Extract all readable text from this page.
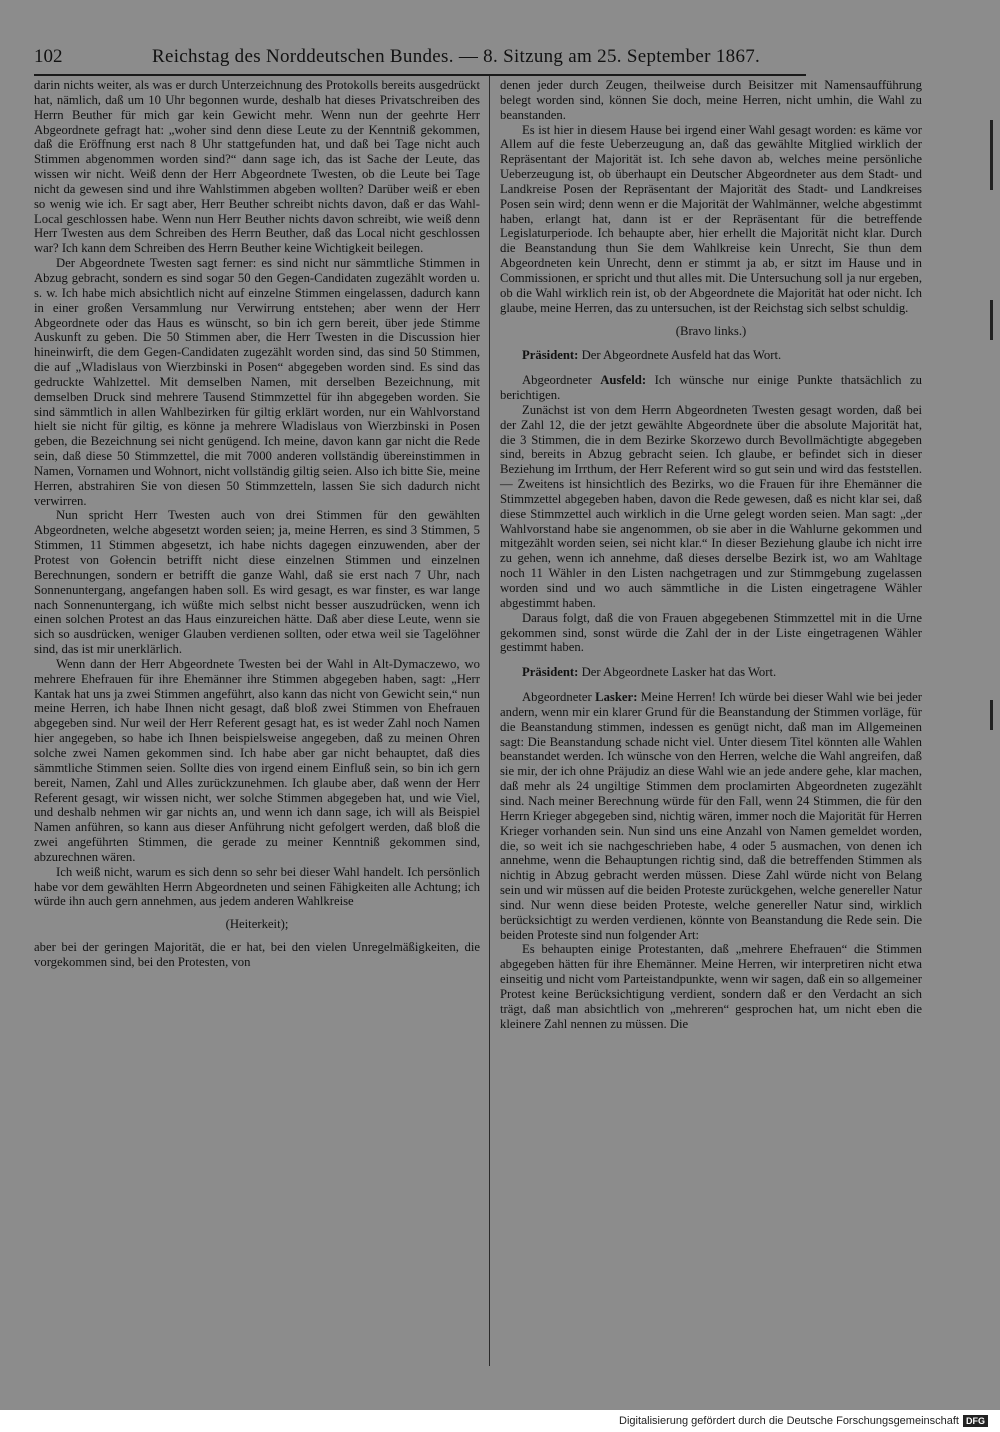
102	Reichstag des Norddeutschen Bundes. — 8. Sitzung am 25. September 1867.

darin nichts weiter, als was er durch Unterzeichnung des Protokolls bereits ausgedrückt hat, nämlich, daß um 10 Uhr begonnen wurde, deshalb hat dieses Privatschreiben des Herrn Beuther für mich gar kein Gewicht mehr. Wenn nun der geehrte Herr Abgeordnete gefragt hat: „woher sind denn diese Leute zu der Kenntniß gekommen, daß die Eröffnung erst nach 8 Uhr stattgefunden hat, und daß bei Tage nicht auch Stimmen abgenommen worden sind?“ dann sage ich, das ist Sache der Leute, das wissen wir nicht. Weiß denn der Herr Abgeordnete Twesten, ob die Leute bei Tage nicht da gewesen sind und ihre Wahlstimmen abgeben wollten? Darüber weiß er eben so wenig wie ich. Er sagt aber, Herr Beuther schreibt nichts davon, daß er das Wahl-Local geschlossen habe. Wenn nun Herr Beuther nichts davon schreibt, wie weiß denn Herr Twesten aus dem Schreiben des Herrn Beuther, daß das Local nicht geschlossen war? Ich kann dem Schreiben des Herrn Beuther keine Wichtigkeit beilegen.

Der Abgeordnete Twesten sagt ferner: es sind nicht nur sämmtliche Stimmen in Abzug gebracht, sondern es sind sogar 50 den Gegen-Candidaten zugezählt worden u. s. w. Ich habe mich absichtlich nicht auf einzelne Stimmen eingelassen, dadurch kann in einer großen Versammlung nur Verwirrung entstehen; aber wenn der Herr Abgeordnete oder das Haus es wünscht, so bin ich gern bereit, über jede Stimme Auskunft zu geben. Die 50 Stimmen aber, die Herr Twesten in die Discussion hier hineinwirft, die dem Gegen-Candidaten zugezählt worden sind, das sind 50 Stimmen, die auf „Wladislaus von Wierzbinski in Posen“ abgegeben worden sind. Es sind das gedruckte Wahlzettel. Mit demselben Namen, mit derselben Bezeichnung, mit demselben Druck sind mehrere Tausend Stimmzettel für ihn abgegeben worden. Sie sind sämmtlich in allen Wahlbezirken für giltig erklärt worden, nur ein Wahlvorstand hielt sie nicht für giltig, es könne ja mehrere Wladislaus von Wierzbinski in Posen geben, die Bezeichnung sei nicht genügend. Ich meine, davon kann gar nicht die Rede sein, daß diese 50 Stimmzettel, die mit 7000 anderen vollständig übereinstimmen in Namen, Vornamen und Wohnort, nicht vollständig giltig seien. Also ich bitte Sie, meine Herren, abstrahiren Sie von diesen 50 Stimmzetteln, lassen Sie sich dadurch nicht verwirren.

Nun spricht Herr Twesten auch von drei Stimmen für den gewählten Abgeordneten, welche abgesetzt worden seien; ja, meine Herren, es sind 3 Stimmen, 5 Stimmen, 11 Stimmen abgesetzt, ich habe nichts dagegen einzuwenden, aber der Protest von Gołencin betrifft nicht diese einzelnen Stimmen und einzelnen Berechnungen, sondern er betrifft die ganze Wahl, daß sie erst nach 7 Uhr, nach Sonnenuntergang, angefangen haben soll. Es wird gesagt, es war finster, es war lange nach Sonnenuntergang, ich wüßte mich selbst nicht besser auszudrücken, wenn ich einen solchen Protest an das Haus einzureichen hätte. Daß aber diese Leute, wenn sie sich so ausdrücken, weniger Glauben verdienen sollten, oder etwa weil sie Tagelöhner sind, das ist mir unerklärlich.

Wenn dann der Herr Abgeordnete Twesten bei der Wahl in Alt-Dymaczewo, wo mehrere Ehefrauen für ihre Ehemänner ihre Stimmen abgegeben haben, sagt: „Herr Kantak hat uns ja zwei Stimmen angeführt, also kann das nicht von Gewicht sein,“ nun meine Herren, ich habe Ihnen nicht gesagt, daß bloß zwei Stimmen von Ehefrauen abgegeben sind. Nur weil der Herr Referent gesagt hat, es ist weder Zahl noch Namen hier angegeben, so habe ich Ihnen beispielsweise angegeben, daß zu meinen Ohren solche zwei Namen gekommen sind. Ich habe aber gar nicht behauptet, daß dies sämmtliche Stimmen seien. Sollte dies von irgend einem Einfluß sein, so bin ich gern bereit, Namen, Zahl und Alles zurückzunehmen. Ich glaube aber, daß wenn der Herr Referent gesagt, wir wissen nicht, wer solche Stimmen abgegeben hat, und wie Viel, und deshalb nehmen wir gar nichts an, und wenn ich dann sage, ich will als Beispiel Namen anführen, so kann aus dieser Anführung nicht gefolgert werden, daß bloß die zwei angeführten Stimmen, die gerade zu meiner Kenntniß gekommen sind, abzurechnen wären.

Ich weiß nicht, warum es sich denn so sehr bei dieser Wahl handelt. Ich persönlich habe vor dem gewählten Herrn Abgeordneten und seinen Fähigkeiten alle Achtung; ich würde ihn auch gern annehmen, aus jedem anderen Wahlkreise

(Heiterkeit);

aber bei der geringen Majorität, die er hat, bei den vielen Unregelmäßigkeiten, die vorgekommen sind, bei den Protesten, von

denen jeder durch Zeugen, theilweise durch Beisitzer mit Namensaufführung belegt worden sind, können Sie doch, meine Herren, nicht umhin, die Wahl zu beanstanden.

Es ist hier in diesem Hause bei irgend einer Wahl gesagt worden: es käme vor Allem auf die feste Ueberzeugung an, daß das gewählte Mitglied wirklich der Repräsentant der Majorität ist. Ich sehe davon ab, welches meine persönliche Ueberzeugung ist, ob überhaupt ein Deutscher Abgeordneter aus dem Stadt- und Landkreise Posen der Repräsentant der Majorität des Stadt- und Landkreises Posen sein wird; denn wenn er die Majorität der Wahlmänner, welche abgestimmt haben, erlangt hat, dann ist er der Repräsentant für die betreffende Legislaturperiode. Ich behaupte aber, hier erhellt die Majorität nicht klar. Durch die Beanstandung thun Sie dem Wahlkreise kein Unrecht, Sie thun dem Abgeordneten kein Unrecht, denn er stimmt ja ab, er sitzt im Hause und in Commissionen, er spricht und thut alles mit. Die Untersuchung soll ja nur ergeben, ob die Wahl wirklich rein ist, ob der Abgeordnete die Majorität hat oder nicht. Ich glaube, meine Herren, das zu untersuchen, ist der Reichstag sich selbst schuldig.

(Bravo links.)

Präsident: Der Abgeordnete Ausfeld hat das Wort.

Abgeordneter Ausfeld: Ich wünsche nur einige Punkte thatsächlich zu berichtigen.

Zunächst ist von dem Herrn Abgeordneten Twesten gesagt worden, daß bei der Zahl 12, die der jetzt gewählte Abgeordnete über die absolute Majorität hat, die 3 Stimmen, die in dem Bezirke Skorzewo durch Bevollmächtigte abgegeben sind, bereits in Abzug gebracht seien. Ich glaube, er befindet sich in dieser Beziehung im Irrthum, der Herr Referent wird so gut sein und wird das feststellen. — Zweitens ist hinsichtlich des Bezirks, wo die Frauen für ihre Ehemänner die Stimmzettel abgegeben haben, davon die Rede gewesen, daß es nicht klar sei, daß diese Stimmzettel auch wirklich in die Urne gelegt worden seien. Man sagt: „der Wahlvorstand habe sie angenommen, ob sie aber in die Wahlurne gekommen und mitgezählt worden seien, sei nicht klar.“ In dieser Beziehung glaube ich nicht irre zu gehen, wenn ich annehme, daß dieses derselbe Bezirk ist, wo am Wahltage noch 11 Wähler in den Listen nachgetragen und zur Stimmgebung zugelassen worden sind und wo auch sämmtliche in die Listen eingetragene Wähler abgestimmt haben.

Daraus folgt, daß die von Frauen abgegebenen Stimmzettel mit in die Urne gekommen sind, sonst würde die Zahl der in der Liste eingetragenen Wähler gestimmt haben.

Präsident: Der Abgeordnete Lasker hat das Wort.

Abgeordneter Lasker: Meine Herren! Ich würde bei dieser Wahl wie bei jeder andern, wenn mir ein klarer Grund für die Beanstandung der Stimmen vorläge, für die Beanstandung stimmen, indessen es genügt nicht, daß man im Allgemeinen sagt: Die Beanstandung schade nicht viel. Unter diesem Titel könnten alle Wahlen beanstandet werden. Ich wünsche von den Herren, welche die Wahl angreifen, daß sie mir, der ich ohne Präjudiz an diese Wahl wie an jede andere gehe, klar machen, daß mehr als 24 ungiltige Stimmen dem proclamirten Abgeordneten zugezählt sind. Nach meiner Berechnung würde für den Fall, wenn 24 Stimmen, die für den Herrn Krieger abgegeben sind, nichtig wären, immer noch die Majorität für Herren Krieger vorhanden sein. Nun sind uns eine Anzahl von Namen gemeldet worden, die, so weit ich sie nachgeschrieben habe, 4 oder 5 ausmachen, von denen ich annehme, wenn die Behauptungen richtig sind, daß die betreffenden Stimmen als nichtig in Abzug gebracht werden müssen. Diese Zahl würde nicht von Belang sein und wir müssen auf die beiden Proteste zurückgehen, welche genereller Natur sind. Nur wenn diese beiden Proteste, welche genereller Natur sind, wirklich berücksichtigt zu werden verdienen, könnte von Beanstandung die Rede sein. Die beiden Proteste sind nun folgender Art:

Es behaupten einige Protestanten, daß „mehrere Ehefrauen“ die Stimmen abgegeben hätten für ihre Ehemänner. Meine Herren, wir interpretiren nicht etwa einseitig und nicht vom Parteistandpunkte, wenn wir sagen, daß ein so allgemeiner Protest keine Berücksichtigung verdient, sondern daß er den Verdacht an sich trägt, daß man absichtlich von „mehreren“ gesprochen hat, um nicht eben die kleinere Zahl nennen zu müssen. Die

Digitalisierung gefördert durch die Deutsche Forschungsgemeinschaft DFG
